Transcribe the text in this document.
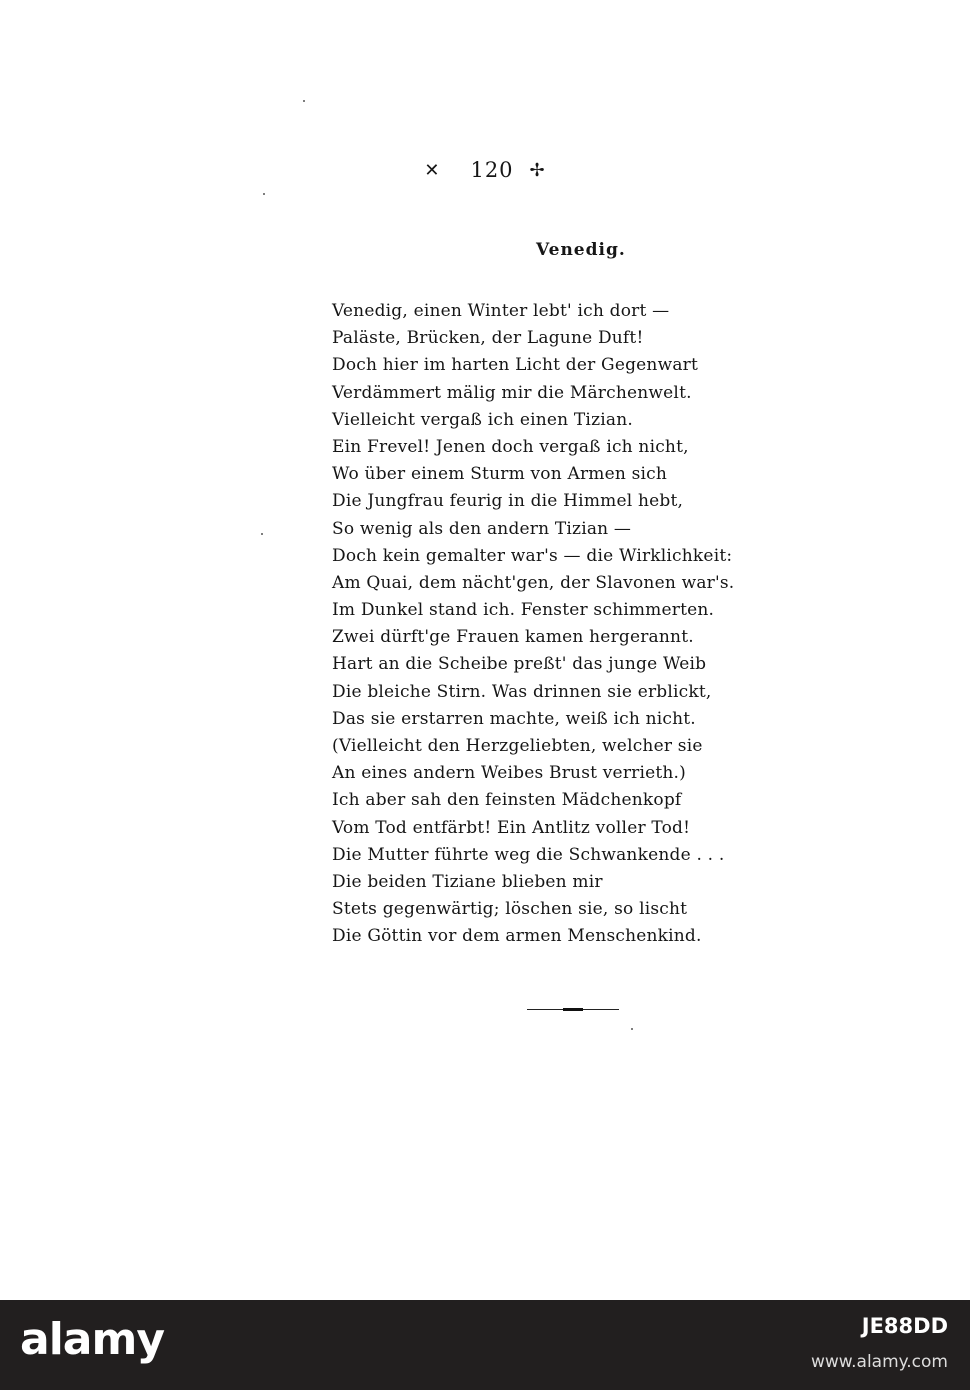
✕ 120 ✢
Venedig.
Venedig, einen Winter lebt' ich dort —
Paläste, Brücken, der Lagune Duft!
Doch hier im harten Licht der Gegenwart
Verdämmert mälig mir die Märchenwelt.
Vielleicht vergaß ich einen Tizian.
Ein Frevel! Jenen doch vergaß ich nicht,
Wo über einem Sturm von Armen sich
Die Jungfrau feurig in die Himmel hebt,
So wenig als den andern Tizian —
Doch kein gemalter war's — die Wirklichkeit:
Am Quai, dem nächt'gen, der Slavonen war's.
Im Dunkel stand ich. Fenster schimmerten.
Zwei dürft'ge Frauen kamen hergerannt.
Hart an die Scheibe preßt' das junge Weib
Die bleiche Stirn. Was drinnen sie erblickt,
Das sie erstarren machte, weiß ich nicht.
(Vielleicht den Herzgeliebten, welcher sie
An eines andern Weibes Brust verrieth.)
Ich aber sah den feinsten Mädchenkopf
Vom Tod entfärbt! Ein Antlitz voller Tod!
Die Mutter führte weg die Schwankende . . .
Die beiden Tiziane blieben mir
Stets gegenwärtig; löschen sie, so lischt
Die Göttin vor dem armen Menschenkind.
alamy	JE88DD
www.alamy.com
